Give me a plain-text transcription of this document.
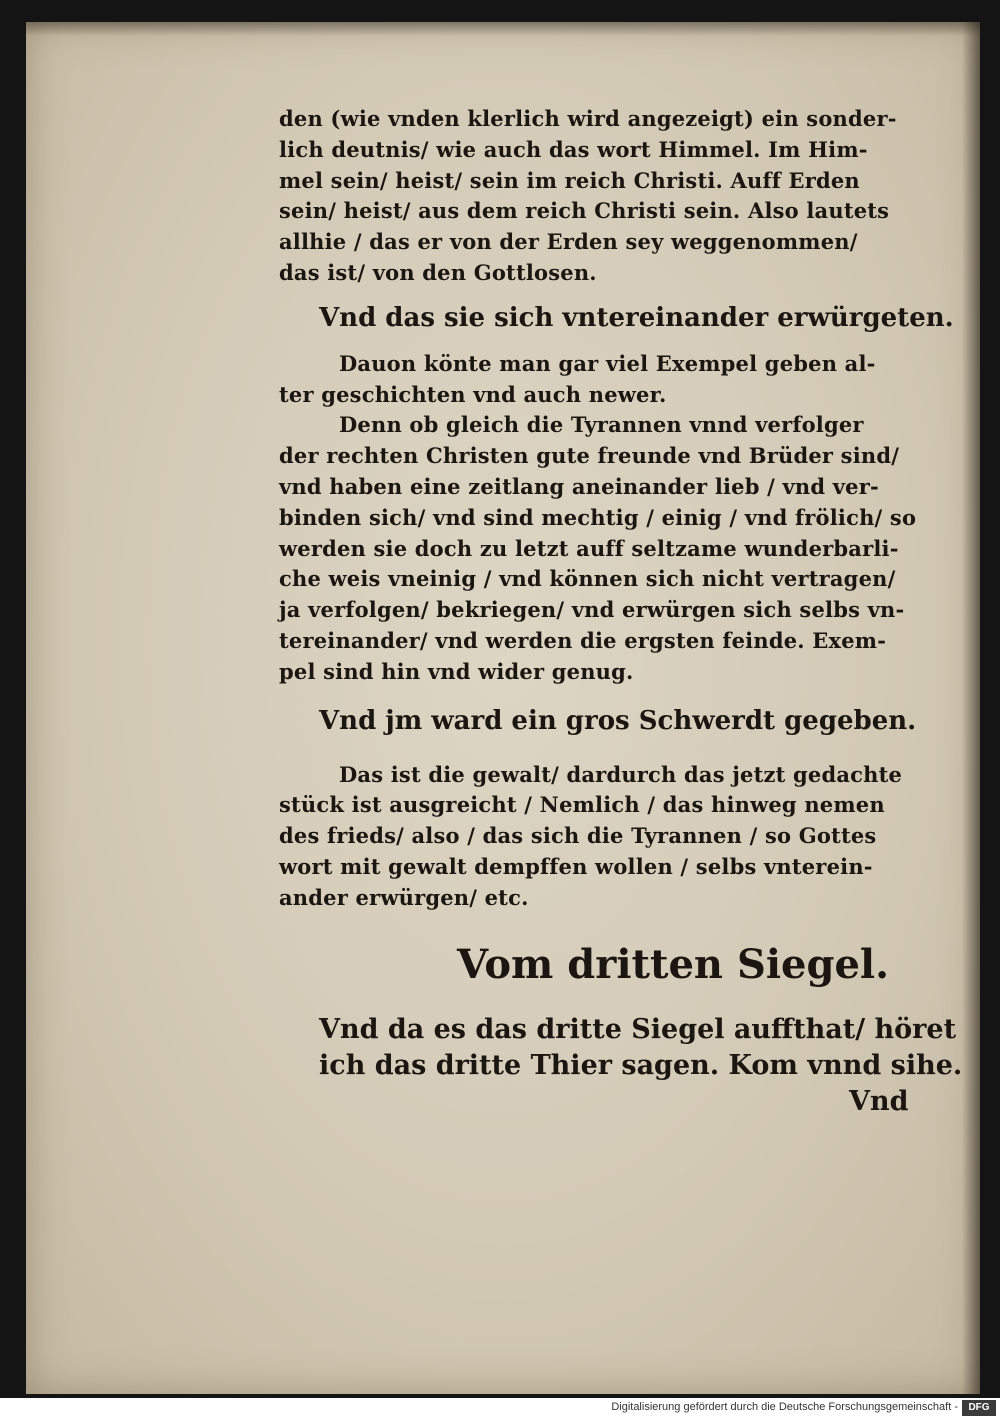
den (wie vnden klerlich wird angezeigt) ein sonder-
lich deutnis/ wie auch das wort Himmel. Im Him-
mel sein/ heist/ sein im reich Christi. Auff Erden
sein/ heist/ aus dem reich Christi sein. Also lautets
allhie / das er von der Erden sey weggenommen/
das ist/ von den Gottlosen.
Vnd das sie sich vntereinander erwürgeten.
Dauon könte man gar viel Exempel geben al-
ter geschichten vnd auch newer.
Denn ob gleich die Tyrannen vnnd verfolger
der rechten Christen gute freunde vnd Brüder sind/
vnd haben eine zeitlang aneinander lieb / vnd ver-
binden sich/ vnd sind mechtig / einig / vnd frölich/ so
werden sie doch zu letzt auff seltzame wunderbarli-
che weis vneinig / vnd können sich nicht vertragen/
ja verfolgen/ bekriegen/ vnd erwürgen sich selbs vn-
tereinander/ vnd werden die ergsten feinde. Exem-
pel sind hin vnd wider genug.
Vnd jm ward ein gros Schwerdt gegeben.
Das ist die gewalt/ dardurch das jetzt gedachte
stück ist ausgreicht / Nemlich / das hinweg nemen
des frieds/ also / das sich die Tyrannen / so Gottes
wort mit gewalt dempffen wollen / selbs vnterein-
ander erwürgen/ etc.
Vom dritten Siegel.
Vnd da es das dritte Siegel auffthat/ höret
ich das dritte Thier sagen. Kom vnnd sihe.
Vnd
Digitalisierung gefördert durch die Deutsche Forschungsgemeinschaft -	DFG
